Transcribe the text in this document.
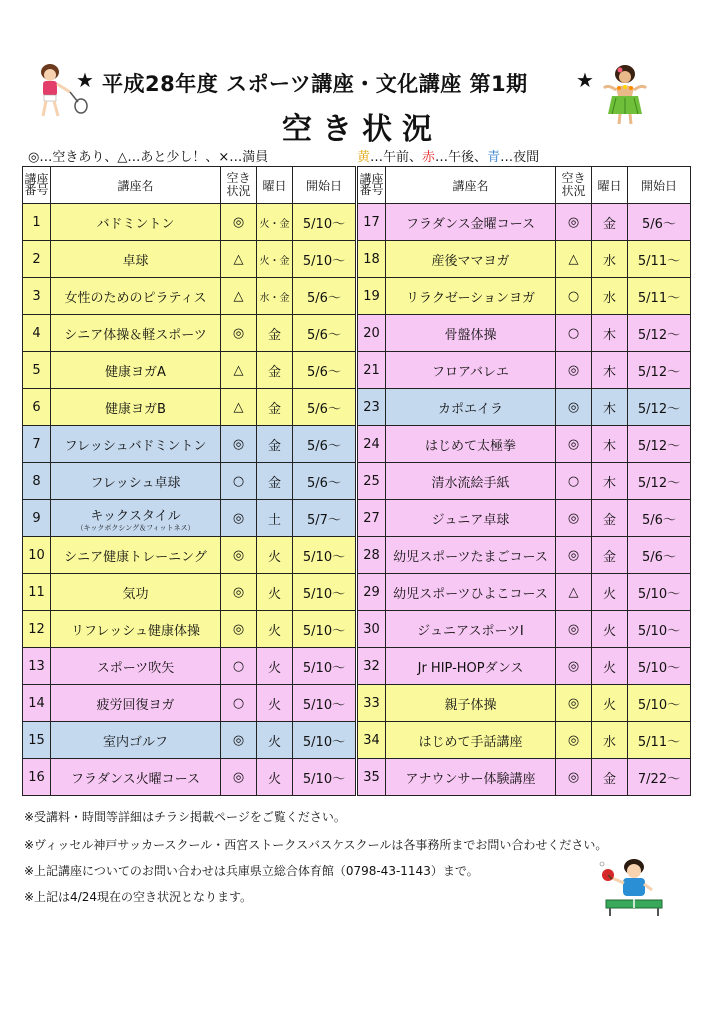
★ 平成28年度 スポーツ講座・文化講座 第1期 ★
空き状況
◎…空きあり、△…あと少し！、×…満員	黄…午前、赤…午後、青…夜間
講座番号	講座名	空き状況	曜日	開始日
1	バドミントン	◎	火・金	5/10〜
2	卓球	△	火・金	5/10〜
3	女性のためのピラティス	△	水・金	5/6〜
4	シニア体操＆軽スポーツ	◎	金	5/6〜
5	健康ヨガA	△	金	5/6〜
6	健康ヨガB	△	金	5/6〜
7	フレッシュバドミントン	◎	金	5/6〜
8	フレッシュ卓球	○	金	5/6〜
9	キックスタイル
（キックボクシング＆フィットネス）	◎	土	5/7〜
10	シニア健康トレーニング	◎	火	5/10〜
11	気功	◎	火	5/10〜
12	リフレッシュ健康体操	◎	火	5/10〜
13	スポーツ吹矢	○	火	5/10〜
14	疲労回復ヨガ	○	火	5/10〜
15	室内ゴルフ	◎	火	5/10〜
16	フラダンス火曜コース	◎	火	5/10〜
講座番号	講座名	空き状況	曜日	開始日
17	フラダンス金曜コース	◎	金	5/6〜
18	産後ママヨガ	△	水	5/11〜
19	リラクゼーションヨガ	○	水	5/11〜
20	骨盤体操	○	木	5/12〜
21	フロアバレエ	◎	木	5/12〜
23	カポエイラ	◎	木	5/12〜
24	はじめて太極拳	◎	木	5/12〜
25	清水流絵手紙	○	木	5/12〜
27	ジュニア卓球	◎	金	5/6〜
28	幼児スポーツたまごコース	◎	金	5/6〜
29	幼児スポーツひよこコース	△	火	5/10〜
30	ジュニアスポーツⅠ	◎	火	5/10〜
32	Jr HIP-HOPダンス	◎	火	5/10〜
33	親子体操	◎	火	5/10〜
34	はじめて手話講座	◎	水	5/11〜
35	アナウンサー体験講座	◎	金	7/22〜
※受講料・時間等詳細はチラシ掲載ページをご覧ください。
※ヴィッセル神戸サッカースクール・西宮ストークスバスケスクールは各事務所までお問い合わせください。
※上記講座についてのお問い合わせは兵庫県立総合体育館（0798-43-1143）まで。
※上記は4/24現在の空き状況となります。
